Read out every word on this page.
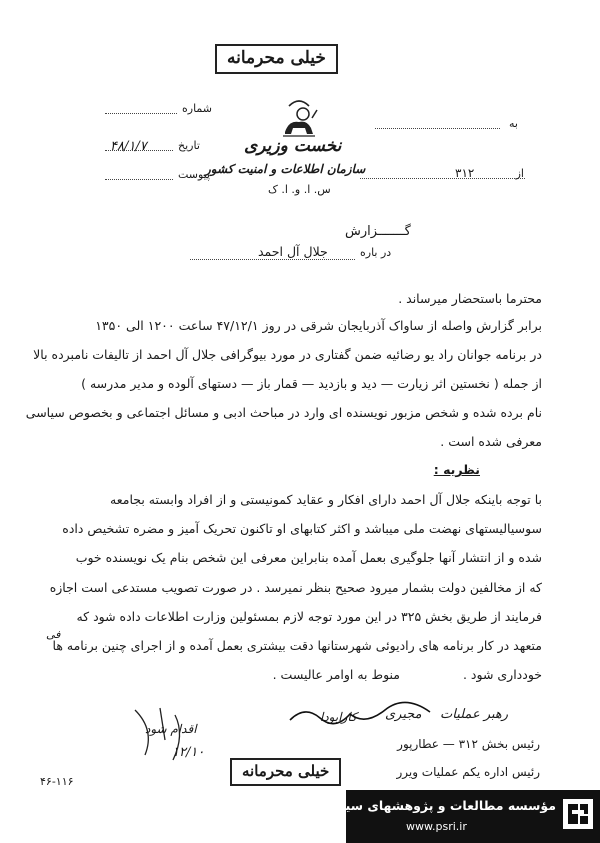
خیلی محرمانه
به
از
۳۱۲
شماره
تاریخ
۴۸/۱/۷
پیوست
نخست وزیری
سازمان اطلاعات و امنیت کشور
س. ا. و. ا. ک
گـــــــزارش
در باره
جلال آل احمد
محترما باستحضار میرساند .
برابر گزارش واصله از ساواک آذربایجان شرقی در روز ۴۷/۱۲/۱ ساعت ۱۲۰۰ الی ۱۳۵۰
در برنامه جوانان راد یو رضائیه ضمن گفتاری در مورد بیوگرافی جلال آل احمد از تالیفات نامبرده بالا
از جمله ( نخستین اثر زیارت — دید و بازدید — قمار باز — دستهای آلوده و مدیر مدرسه )
نام برده شده و شخص مزبور نویسنده ای وارد در مباحث ادبی و مسائل اجتماعی و بخصوص سیاسی
معرفی شده است .
نظریه :
با توجه باینکه جلال آل احمد دارای افکار و عقاید کمونیستی و از افراد وابسته بجامعه
سوسیالیستهای نهضت ملی میباشد و اکثر کتابهای او تاکنون تحریک آمیز و مضره تشخیص داده
شده و از انتشار آنها جلوگیری بعمل آمده بنابراین معرفی این شخص بنام یک نویسنده خوب
که از مخالفین دولت بشمار میرود صحیح بنظر نمیرسد . در صورت تصویب مستدعی است اجازه
فرمایند از طریق بخش ۳۲۵ در این مورد توجه لازم بمسئولین وزارت اطلاعات داده شود که
متعهد در کار برنامه های رادیوئی شهرستانها دقت بیشتری بعمل آمده و از اجرای چنین برنامه ها
فی
خودداری شود .
منوط به اوامر عالیست .
رهبر عملیات
مجیری
کارابودا
رئیس بخش ۳۱۲ — عطارپور
رئیس اداره یکم عملیات ویرر
اقدام شود
۱۲/۱۰
خیلی محرمانه
۴۶-۱۱۶
مؤسسه مطالعات و پژوهشهای سیاسی
www.psri.ir
